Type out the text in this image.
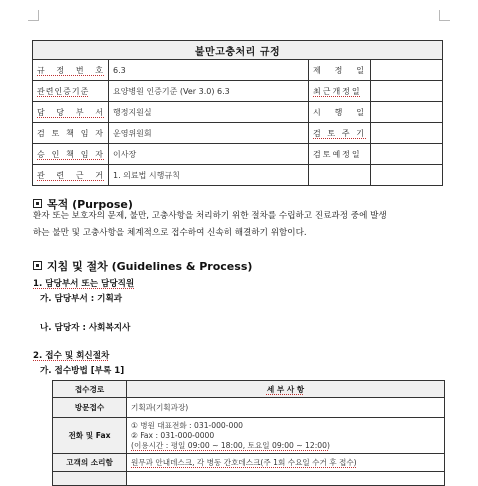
불만고충처리 규정			
규 정 번 호	6.3	제 정 일	
관련인증기준	요양병원 인증기준 (Ver 3.0) 6.3	최근개정일	
담 당 부 서	행정지원실	시 행 일	
검 토 책 임 자	운영위원회	검 토 주 기	
승 인 책 임 자	이사장	검토예정일	
관 련 근 거	1. 의료법 시행규칙		
목적 (Purpose)
환자 또는 보호자의 문제, 불만, 고충사항을 처리하기 위한 절차를 수립하고 진료과정 중에 발생
하는 불만 및 고충사항을 체계적으로 접수하여 신속히 해결하기 위함이다.
지침 및 절차 (Guidelines & Process)
1. 담당부서 또는 담당직원
가. 담당부서 : 기획과
나. 담당자 : 사회복지사
2. 접수 및 회신절차
가. 접수방법 [부록 1]
접수경로	세 부 사 항
방문접수	기획과(기획과장)

전화 및 Fax	① 병원 대표전화 : 031-000-000
② Fax : 031-000-0000
(이용시간 : 평일 09:00 ~ 18:00, 토요일 09:00 ~ 12:00)

고객의 소리함	원무과 안내데스크, 각 병동 간호데스크(주 1회 수요일 수거 후 접수)
